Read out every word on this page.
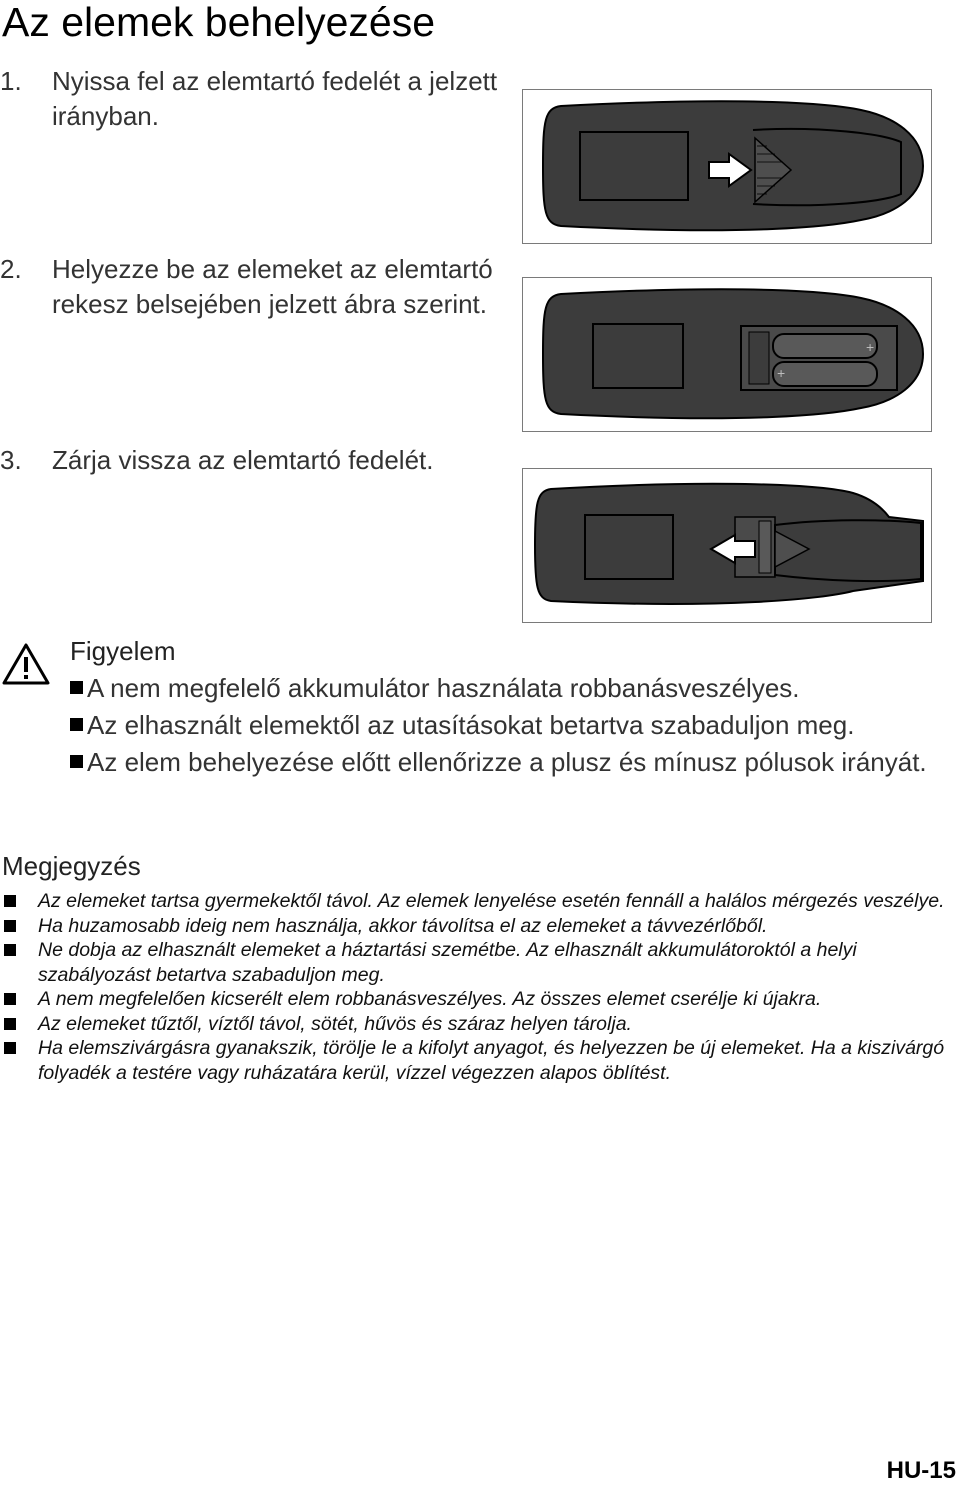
Az elemek behelyezése
1. Nyissa fel az elemtartó fedelét a jelzett irányban.
2. Helyezze be az elemeket az elemtartó rekesz belsejében jelzett ábra szerint.
3. Zárja vissza az elemtartó fedelét.
+
+
Figyelem
A nem megfelelő akkumulátor használata robbanásveszélyes.
Az elhasznált elemektől az utasításokat betartva szabaduljon meg.
Az elem behelyezése előtt ellenőrizze a plusz és mínusz pólusok irányát.
Megjegyzés
Az elemeket tartsa gyermekektől távol. Az elemek lenyelése esetén fennáll a halálos mérgezés veszélye.
Ha huzamosabb ideig nem használja, akkor távolítsa el az elemeket a távvezérlőből.
Ne dobja az elhasznált elemeket a háztartási szemétbe. Az elhasznált akkumulátoroktól a helyi szabályozást betartva szabaduljon meg.
A nem megfelelően kicserélt elem robbanásveszélyes. Az összes elemet cserélje ki újakra.
Az elemeket tűztől, víztől távol, sötét, hűvös és száraz helyen tárolja.
Ha elemszivárgásra gyanakszik, törölje le a kifolyt anyagot, és helyezzen be új elemeket. Ha a kiszivárgó folyadék a testére vagy ruházatára kerül, vízzel végezzen alapos öblítést.
HU-15
